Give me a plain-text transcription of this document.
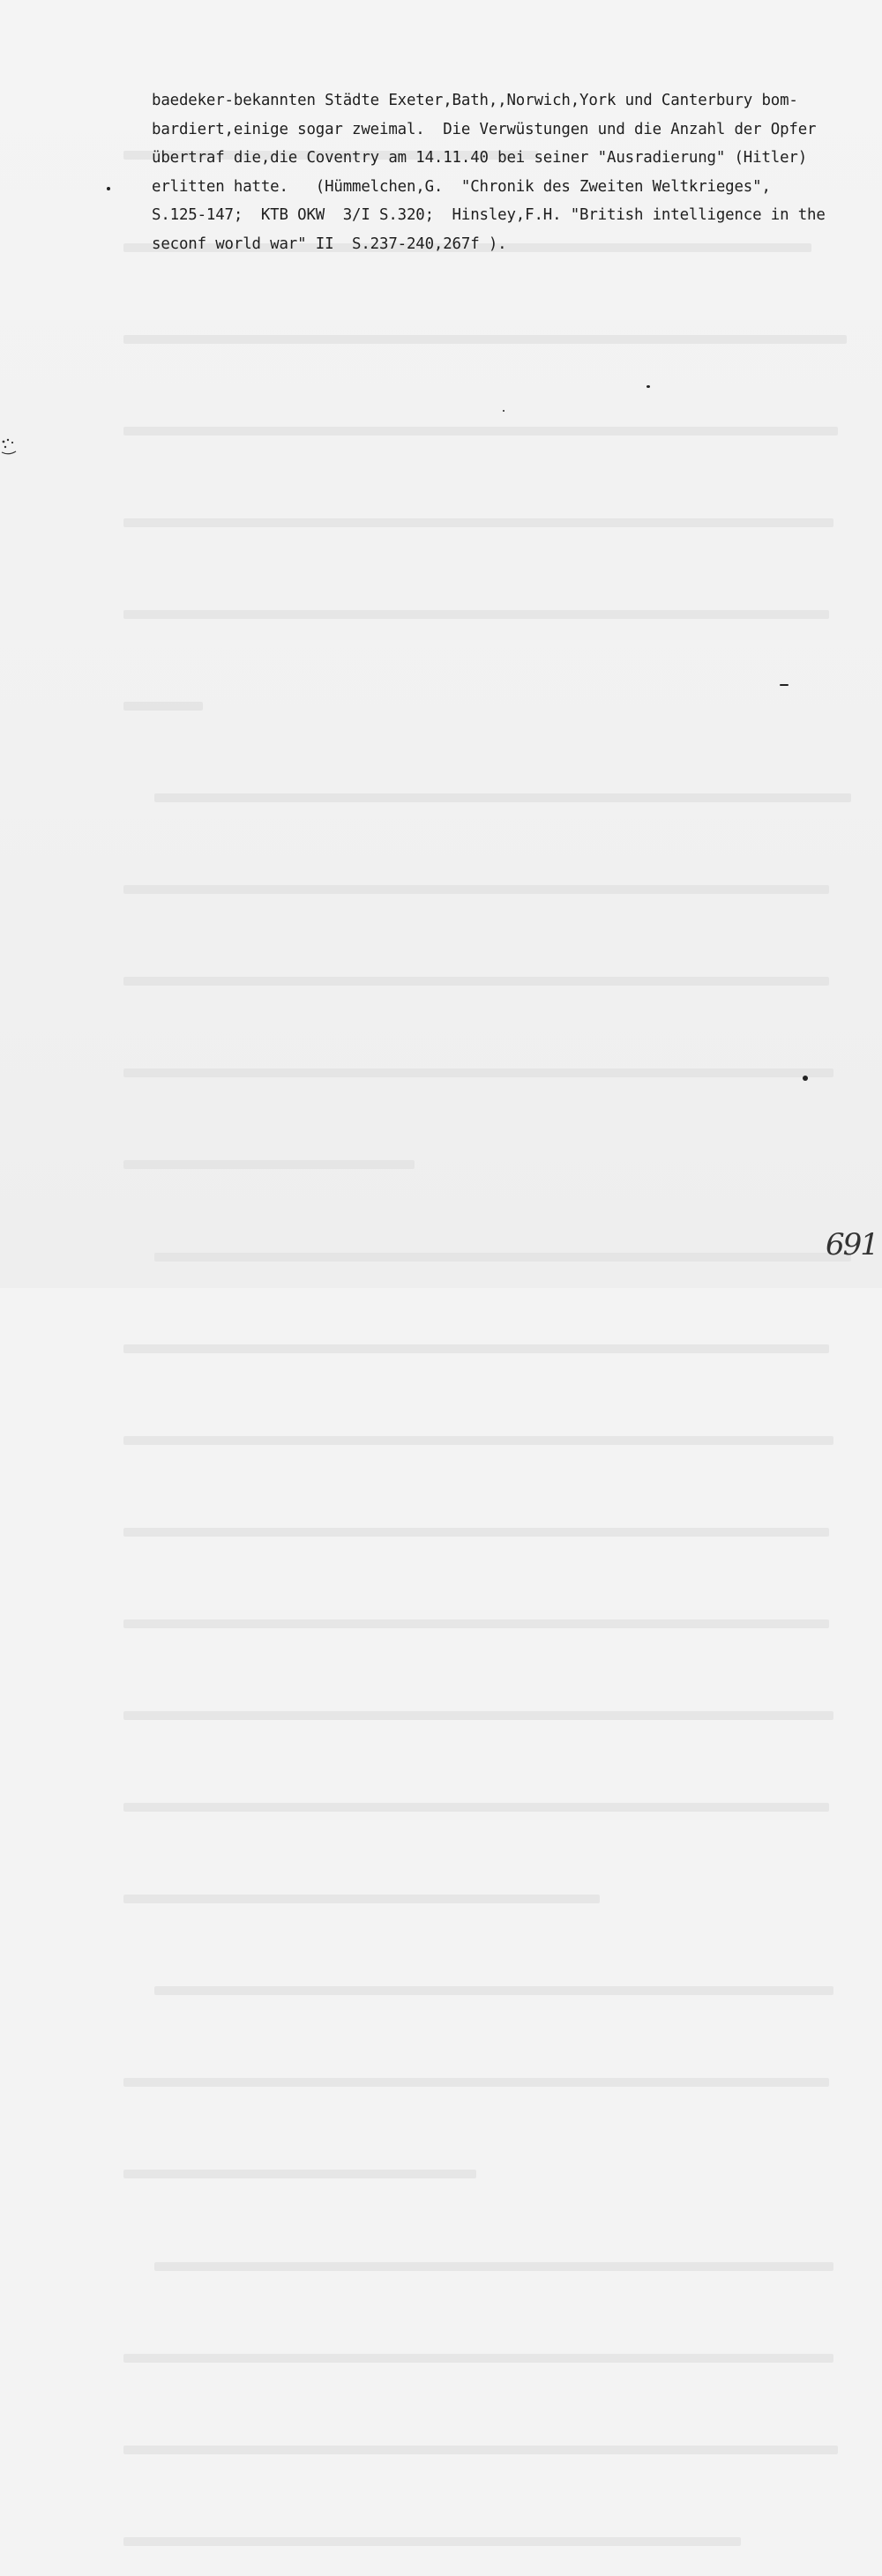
baedeker-bekannten Städte Exeter,Bath,,Norwich,York und Canterbury bom-
bardiert,einige sogar zweimal.  Die Verwüstungen und die Anzahl der Opfer
übertraf die,die Coventry am 14.11.40 bei seiner "Ausradierung" (Hitler)
erlitten hatte.   (Hümmelchen,G.  "Chronik des Zweiten Weltkrieges",
S.125-147;  KTB OKW  3/I S.320;  Hinsley,F.H. "British intelligence in the
seconf world war" II  S.237-240,267f ).
691
